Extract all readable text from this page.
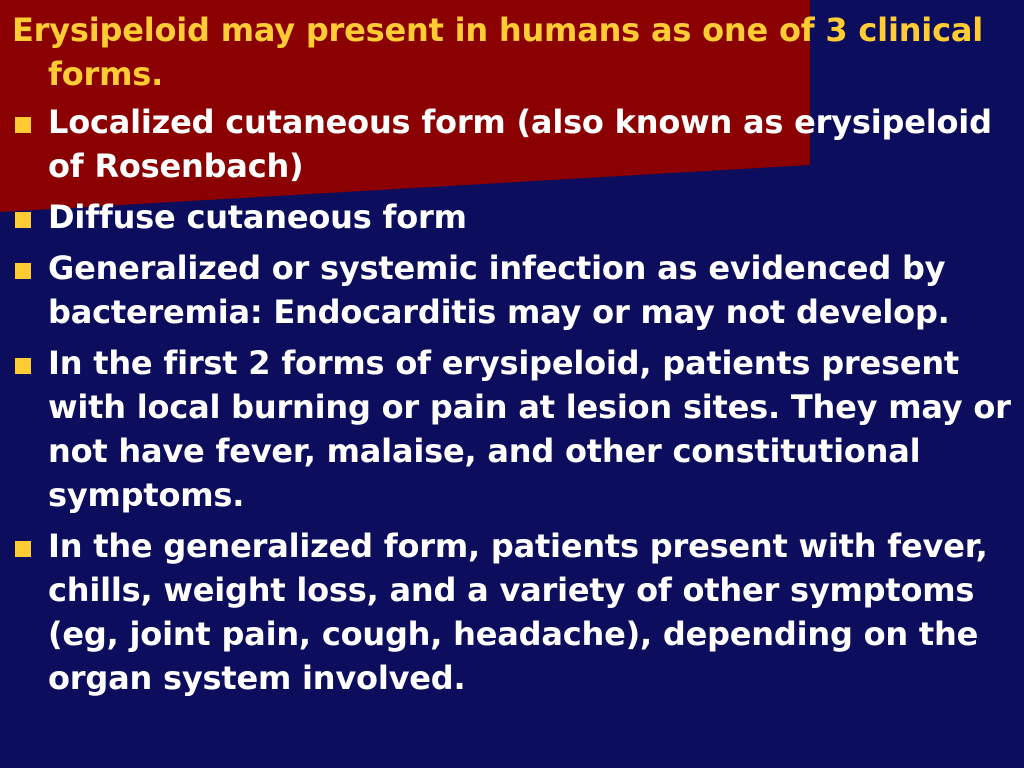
Erysipeloid may present in humans as one of 3 clinical forms.

Localized cutaneous form (also known as erysipeloid of Rosenbach)
Diffuse cutaneous form
Generalized or systemic infection as evidenced by bacteremia: Endocarditis may or may not develop.
In the first 2 forms of erysipeloid, patients present with local burning or pain at lesion sites. They may or not have fever, malaise, and other constitutional symptoms.
In the generalized form, patients present with fever, chills, weight loss, and a variety of other symptoms (eg, joint pain, cough, headache), depending on the organ system involved.
